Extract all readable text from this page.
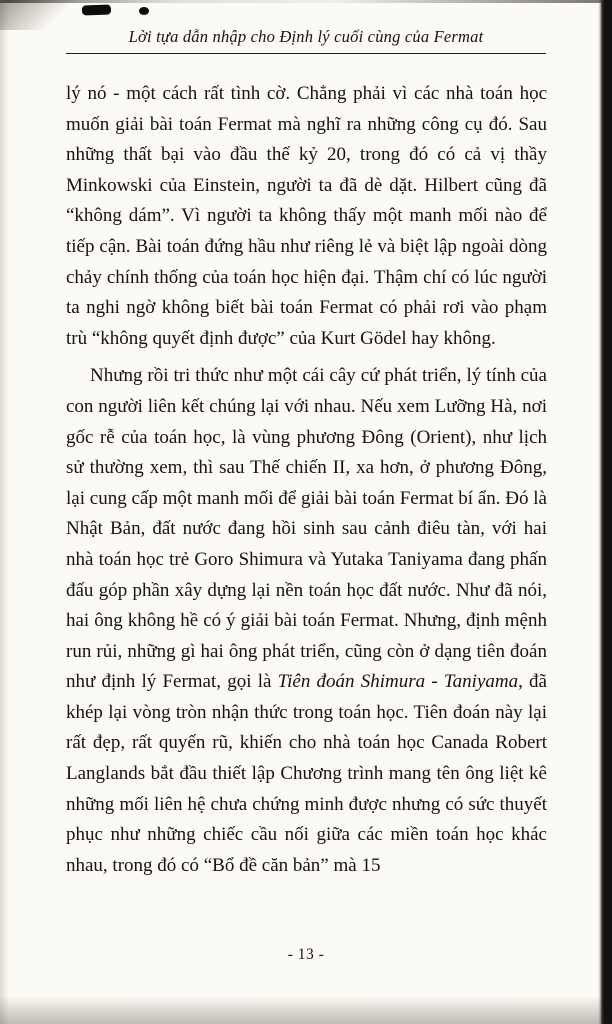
Lời tựa dẫn nhập cho Định lý cuối cùng của Fermat

lý nó - một cách rất tình cờ. Chẳng phải vì các nhà toán học muốn giải bài toán Fermat mà nghĩ ra những công cụ đó. Sau những thất bại vào đầu thế kỷ 20, trong đó có cả vị thầy Minkowski của Einstein, người ta đã dè dặt. Hilbert cũng đã “không dám”. Vì người ta không thấy một manh mối nào để tiếp cận. Bài toán đứng hầu như riêng lẻ và biệt lập ngoài dòng chảy chính thống của toán học hiện đại. Thậm chí có lúc người ta nghi ngờ không biết bài toán Fermat có phải rơi vào phạm trù “không quyết định được” của Kurt Gödel hay không.

Nhưng rồi tri thức như một cái cây cứ phát triển, lý tính của con người liên kết chúng lại với nhau. Nếu xem Lưỡng Hà, nơi gốc rễ của toán học, là vùng phương Đông (Orient), như lịch sử thường xem, thì sau Thế chiến II, xa hơn, ở phương Đông, lại cung cấp một manh mối để giải bài toán Fermat bí ẩn. Đó là Nhật Bản, đất nước đang hồi sinh sau cảnh điêu tàn, với hai nhà toán học trẻ Goro Shimura và Yutaka Taniyama đang phấn đấu góp phần xây dựng lại nền toán học đất nước. Như đã nói, hai ông không hề có ý giải bài toán Fermat. Nhưng, định mệnh run rủi, những gì hai ông phát triển, cũng còn ở dạng tiên đoán như định lý Fermat, gọi là Tiên đoán Shimura - Taniyama, đã khép lại vòng tròn nhận thức trong toán học. Tiên đoán này lại rất đẹp, rất quyến rũ, khiến cho nhà toán học Canada Robert Langlands bắt đầu thiết lập Chương trình mang tên ông liệt kê những mối liên hệ chưa chứng minh được nhưng có sức thuyết phục như những chiếc cầu nối giữa các miền toán học khác nhau, trong đó có “Bổ đề căn bản” mà 15

- 13 -
